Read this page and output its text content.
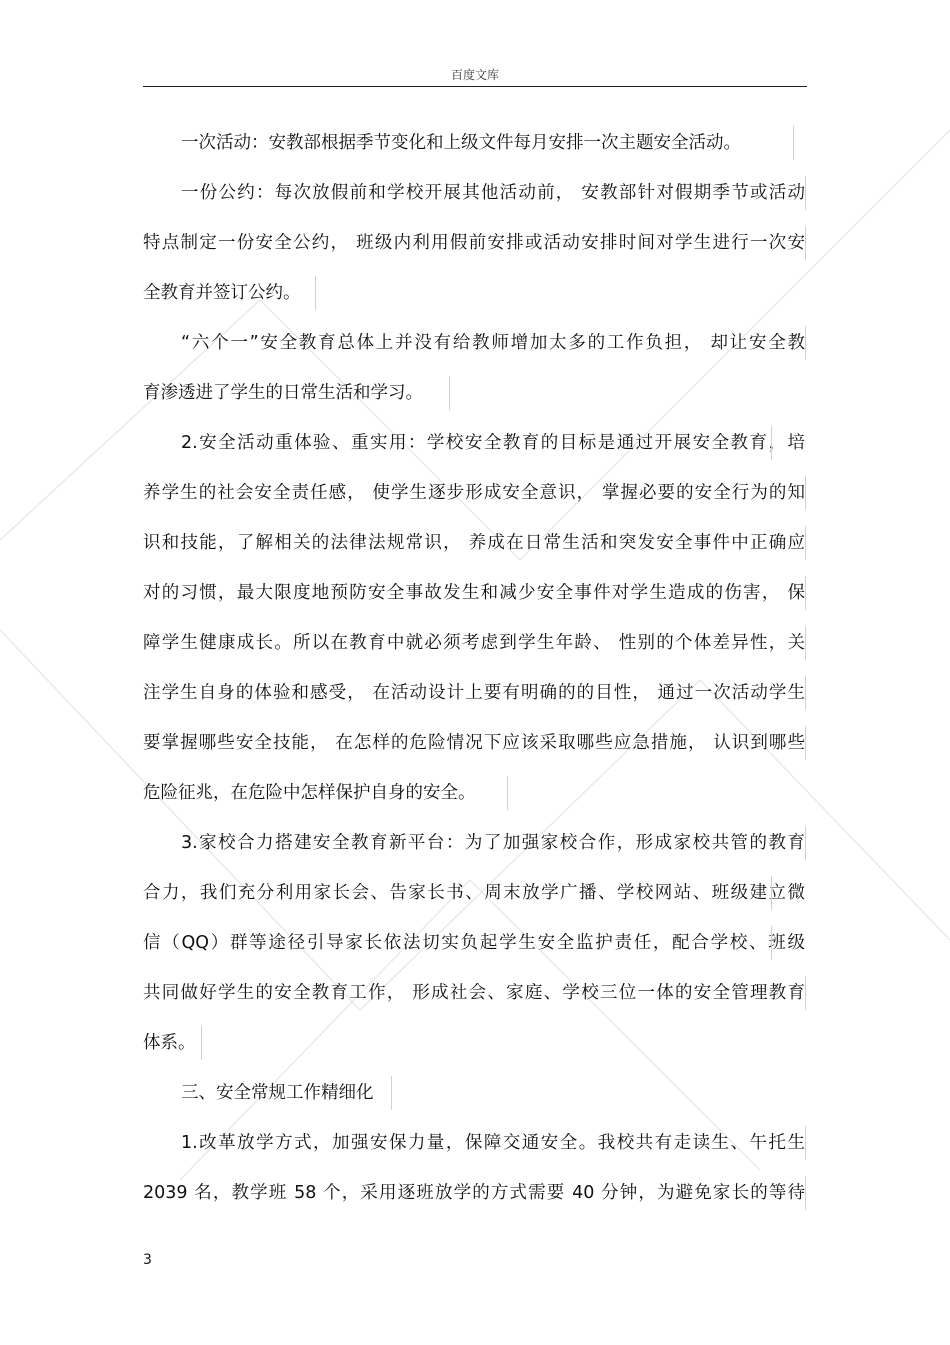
百度文库
一次活动：安教部根据季节变化和上级文件每月安排一次主题安全活动。
一份公约：每次放假前和学校开展其他活动前， 安教部针对假期季节或活动
特点制定一份安全公约， 班级内利用假前安排或活动安排时间对学生进行一次安
全教育并签订公约。
“六个一”安全教育总体上并没有给教师增加太多的工作负担， 却让安全教
育渗透进了学生的日常生活和学习。
2.安全活动重体验、重实用：学校安全教育的目标是通过开展安全教育，培
养学生的社会安全责任感， 使学生逐步形成安全意识， 掌握必要的安全行为的知
识和技能，了解相关的法律法规常识， 养成在日常生活和突发安全事件中正确应
对的习惯，最大限度地预防安全事故发生和减少安全事件对学生造成的伤害， 保
障学生健康成长。所以在教育中就必须考虑到学生年龄、 性别的个体差异性，关
注学生自身的体验和感受， 在活动设计上要有明确的的目性， 通过一次活动学生
要掌握哪些安全技能， 在怎样的危险情况下应该采取哪些应急措施， 认识到哪些
危险征兆，在危险中怎样保护自身的安全。
3.家校合力搭建安全教育新平台：为了加强家校合作，形成家校共管的教育
合力，我们充分利用家长会、告家长书、周末放学广播、学校网站、班级建立微
信（QQ）群等途径引导家长依法切实负起学生安全监护责任，配合学校、班级
共同做好学生的安全教育工作， 形成社会、家庭、学校三位一体的安全管理教育
体系。
三、安全常规工作精细化
1.改革放学方式，加强安保力量，保障交通安全。我校共有走读生、午托生
2039 名，教学班 58 个，采用逐班放学的方式需要 40 分钟，为避免家长的等待
3
